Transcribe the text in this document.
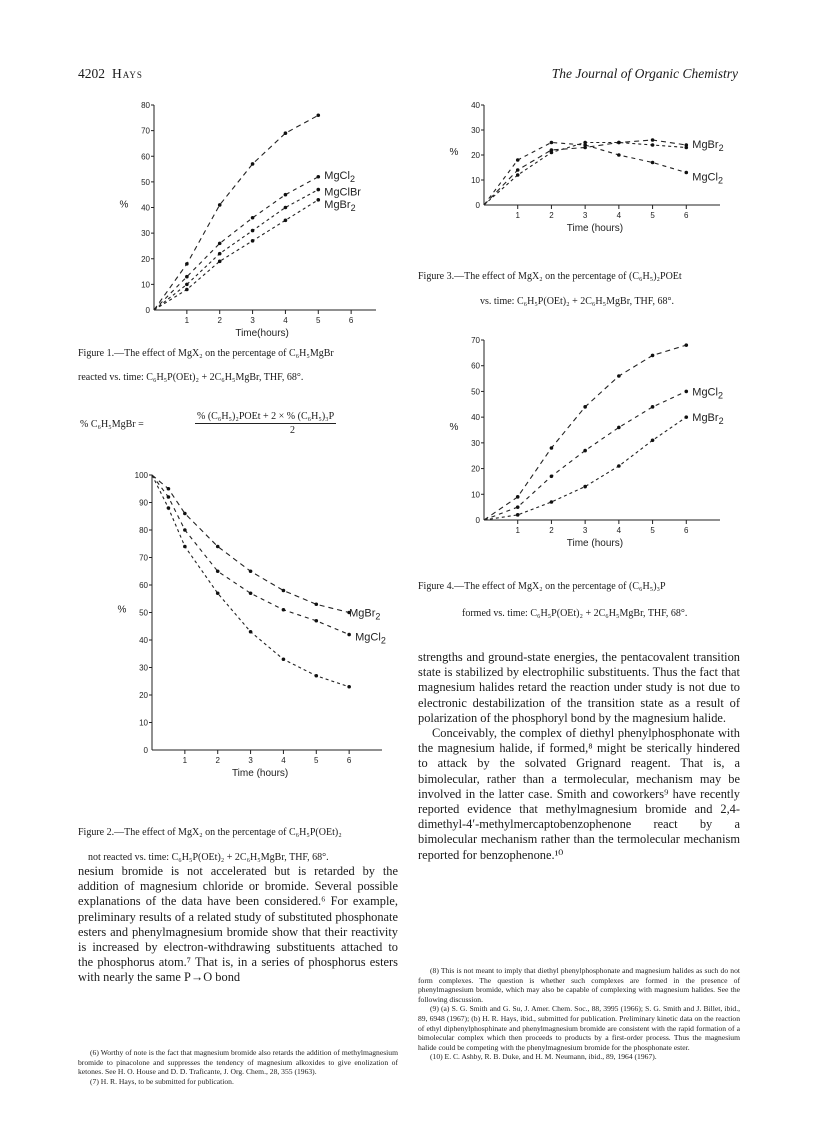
4202 Hays	The Journal of Organic Chemistry
1	2	3	4	5	6
0
10
20
30
40
50
60
70
80
Time(hours)
%
MgCl$_2$
MgClBr
MgBr$_2$
Figure 1.—The effect of MgX₂ on the percentage of C₆H₅MgBr
reacted vs. time: C₆H₅P(OEt)₂ + 2C₆H₅MgBr, THF, 68°.
% C₆H₅MgBr =
% (C₆H₅)₂POEt + 2 × % (C₆H₅)₃P
2
1	2	3	4	5	6
0
10
20
30
40
50
60
70
80
90
100
Time (hours)
%	MgBr$_2$
MgCl$_2$
Figure 2.—The effect of MgX₂ on the percentage of C₆H₅P(OEt)₂
not reacted vs. time: C₆H₅P(OEt)₂ + 2C₆H₅MgBr, THF, 68°.
1	2	3	4	5	6
0
10
20
30
40
Time (hours)
%
MgBr$_2$
MgCl$_2$
Figure 3.—The effect of MgX₂ on the percentage of (C₆H₅)₂POEt
vs. time: C₆H₅P(OEt)₂ + 2C₆H₅MgBr, THF, 68°.
1	2	3	4	5	6
0
10
20
30
40
50
60
70
Time (hours)
%
MgCl$_2$
MgBr$_2$
Figure 4.—The effect of MgX₂ on the percentage of (C₆H₅)₃P
formed vs. time: C₆H₅P(OEt)₂ + 2C₆H₅MgBr, THF, 68°.

strengths and ground-state energies, the pentacovalent transition state is stabilized by electrophilic substituents. Thus the fact that magnesium halides retard the reaction under study is not due to electronic destabilization of the transition state as a result of polarization of the phosphoryl bond by the magnesium halide.

Conceivably, the complex of diethyl phenylphosphonate with the magnesium halide, if formed,⁸ might be sterically hindered to attack by the solvated Grignard reagent. That is, a bimolecular, rather than a termolecular, mechanism may be involved in the latter case. Smith and coworkers⁹ have recently reported evidence that methylmagnesium bromide and 2,4-dimethyl-4′-methylmercaptobenzophenone react by a bimolecular mechanism rather than the termolecular mechanism reported for benzophenone.¹⁰

nesium bromide is not accelerated but is retarded by the addition of magnesium chloride or bromide. Several possible explanations of the data have been considered.⁶ For example, preliminary results of a related study of substituted phosphonate esters and phenylmagnesium bromide show that their reactivity is increased by electron-withdrawing substituents attached to the phosphorus atom.⁷ That is, in a series of phosphorus esters with nearly the same P→O bond

(6) Worthy of note is the fact that magnesium bromide also retards the addition of methylmagnesium bromide to pinacolone and suppresses the tendency of magnesium alkoxides to give enolization of ketones. See H. O. House and D. D. Traficante, J. Org. Chem., 28, 355 (1963).

(7) H. R. Hays, to be submitted for publication.

(8) This is not meant to imply that diethyl phenylphosphonate and magnesium halides as such do not form complexes. The question is whether such complexes are formed in the presence of phenylmagnesium bromide, which may also be capable of complexing with magnesium halides. See the following discussion.

(9) (a) S. G. Smith and G. Su, J. Amer. Chem. Soc., 88, 3995 (1966); S. G. Smith and J. Billet, ibid., 89, 6948 (1967); (b) H. R. Hays, ibid., submitted for publication. Preliminary kinetic data on the reaction of ethyl diphenylphosphinate and phenylmagnesium bromide are consistent with the rapid formation of a bimolecular complex which then proceeds to products by a first-order process. Thus the magnesium halide could be competing with the phenylmagnesium bromide for the phosphonate ester.

(10) E. C. Ashby, R. B. Duke, and H. M. Neumann, ibid., 89, 1964 (1967).
